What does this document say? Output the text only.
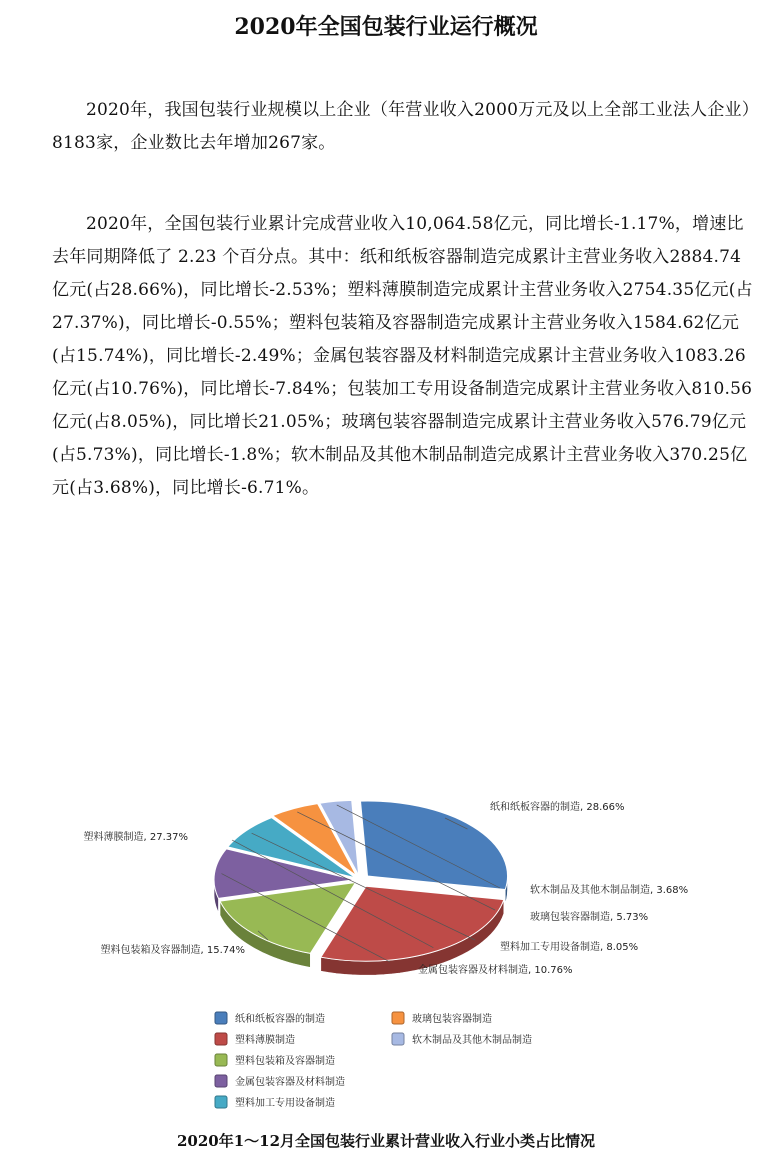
2020年全国包装行业运行概况
2020年，我国包装行业规模以上企业（年营业收入2000万元及以上全部工业法人企业）8183家，企业数比去年增加267家。
2020年，全国包装行业累计完成营业收入10,064.58亿元，同比增长-1.17%，增速比去年同期降低了 2.23 个百分点。其中：纸和纸板容器制造完成累计主营业务收入2884.74亿元(占28.66%)，同比增长-2.53%；塑料薄膜制造完成累计主营业务收入2754.35亿元(占27.37%)，同比增长-0.55%；塑料包装箱及容器制造完成累计主营业务收入1584.62亿元(占15.74%)，同比增长-2.49%；金属包装容器及材料制造完成累计主营业务收入1083.26亿元(占10.76%)，同比增长-7.84%；包装加工专用设备制造完成累计主营业务收入810.56亿元(占8.05%)，同比增长21.05%；玻璃包装容器制造完成累计主营业务收入576.79亿元(占5.73%)，同比增长-1.8%；软木制品及其他木制品制造完成累计主营业务收入370.25亿元(占3.68%)，同比增长-6.71%。
纸和纸板容器的制造, 28.66%
塑料薄膜制造, 27.37%
塑料包装箱及容器制造, 15.74%
金属包装容器及材料制造, 10.76%
塑料加工专用设备制造, 8.05%
玻璃包装容器制造, 5.73%
软木制品及其他木制品制造, 3.68%
纸和纸板容器的制造
塑料薄膜制造
塑料包装箱及容器制造
金属包装容器及材料制造
塑料加工专用设备制造
玻璃包装容器制造
软木制品及其他木制品制造
2020年1～12月全国包装行业累计营业收入行业小类占比情况
